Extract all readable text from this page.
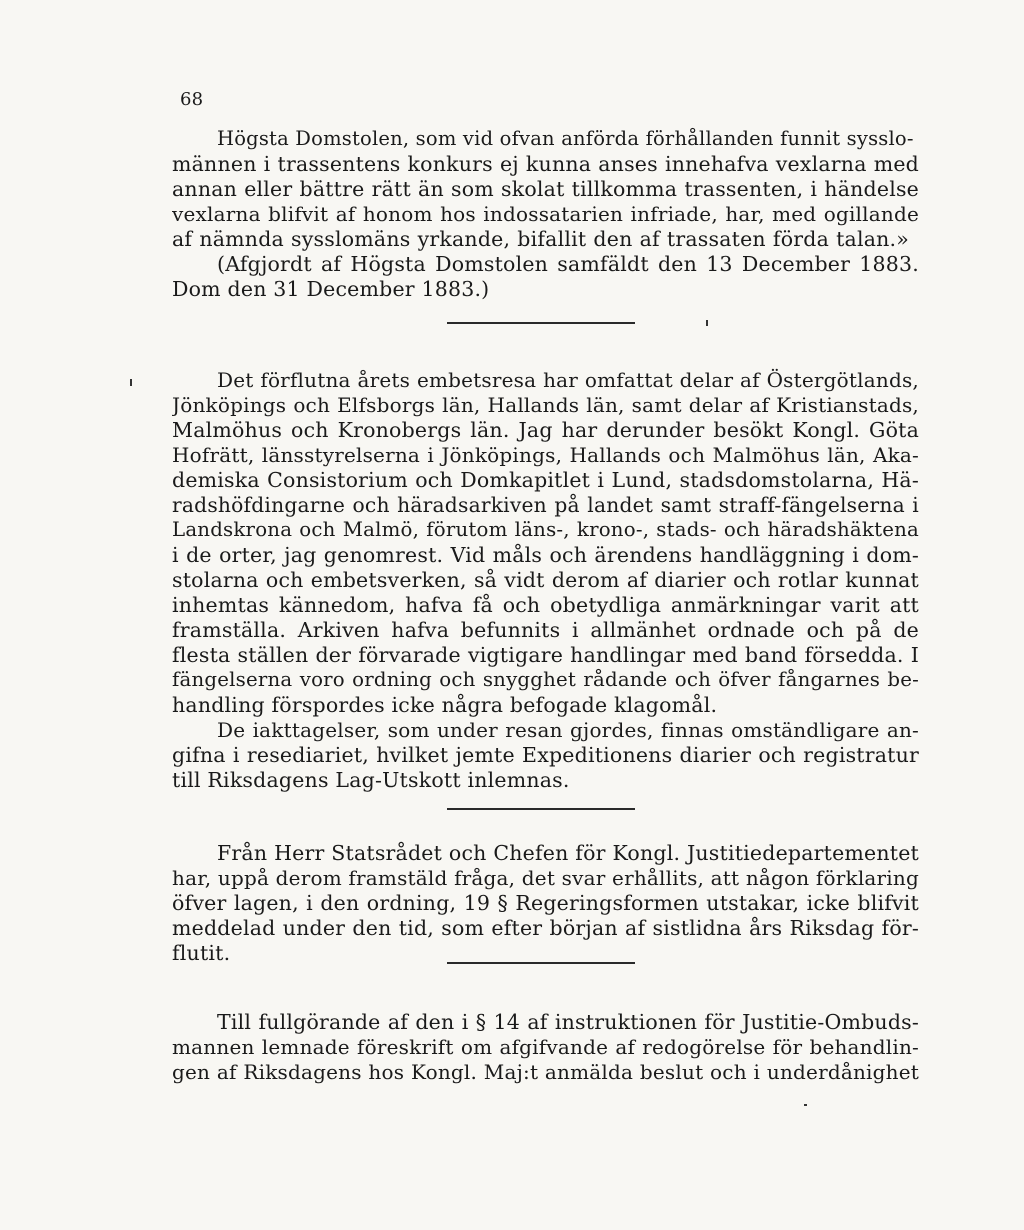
68
Högsta Domstolen, som vid ofvan anförda förhållanden funnit sysslo-
männen i trassentens konkurs ej kunna anses innehafva vexlarna med
annan eller bättre rätt än som skolat tillkomma trassenten, i händelse
vexlarna blifvit af honom hos indossatarien infriade, har, med ogillande
af nämnda sysslomäns yrkande, bifallit den af trassaten förda talan.»
(Afgjordt af Högsta Domstolen samfäldt den 13 December 1883.
Dom den 31 December 1883.)
Det förflutna årets embetsresa har omfattat delar af Östergötlands,
Jönköpings och Elfsborgs län, Hallands län, samt delar af Kristianstads,
Malmöhus och Kronobergs län. Jag har derunder besökt Kongl. Göta
Hofrätt, länsstyrelserna i Jönköpings, Hallands och Malmöhus län, Aka-
demiska Consistorium och Domkapitlet i Lund, stadsdomstolarna, Hä-
radshöfdingarne och häradsarkiven på landet samt straff-fängelserna i
Landskrona och Malmö, förutom läns-, krono-, stads- och häradshäktena
i de orter, jag genomrest. Vid måls och ärendens handläggning i dom-
stolarna och embetsverken, så vidt derom af diarier och rotlar kunnat
inhemtas kännedom, hafva få och obetydliga anmärkningar varit att
framställa. Arkiven hafva befunnits i allmänhet ordnade och på de
flesta ställen der förvarade vigtigare handlingar med band försedda. I
fängelserna voro ordning och snygghet rådande och öfver fångarnes be-
handling förspordes icke några befogade klagomål.
De iakttagelser, som under resan gjordes, finnas omständligare an-
gifna i resediariet, hvilket jemte Expeditionens diarier och registratur
till Riksdagens Lag-Utskott inlemnas.
Från Herr Statsrådet och Chefen för Kongl. Justitiedepartementet
har, uppå derom framstäld fråga, det svar erhållits, att någon förklaring
öfver lagen, i den ordning, 19 § Regeringsformen utstakar, icke blifvit
meddelad under den tid, som efter början af sistlidna års Riksdag för-
flutit.
Till fullgörande af den i § 14 af instruktionen för Justitie-Ombuds-
mannen lemnade föreskrift om afgifvande af redogörelse för behandlin-
gen af Riksdagens hos Kongl. Maj:t anmälda beslut och i underdånighet
